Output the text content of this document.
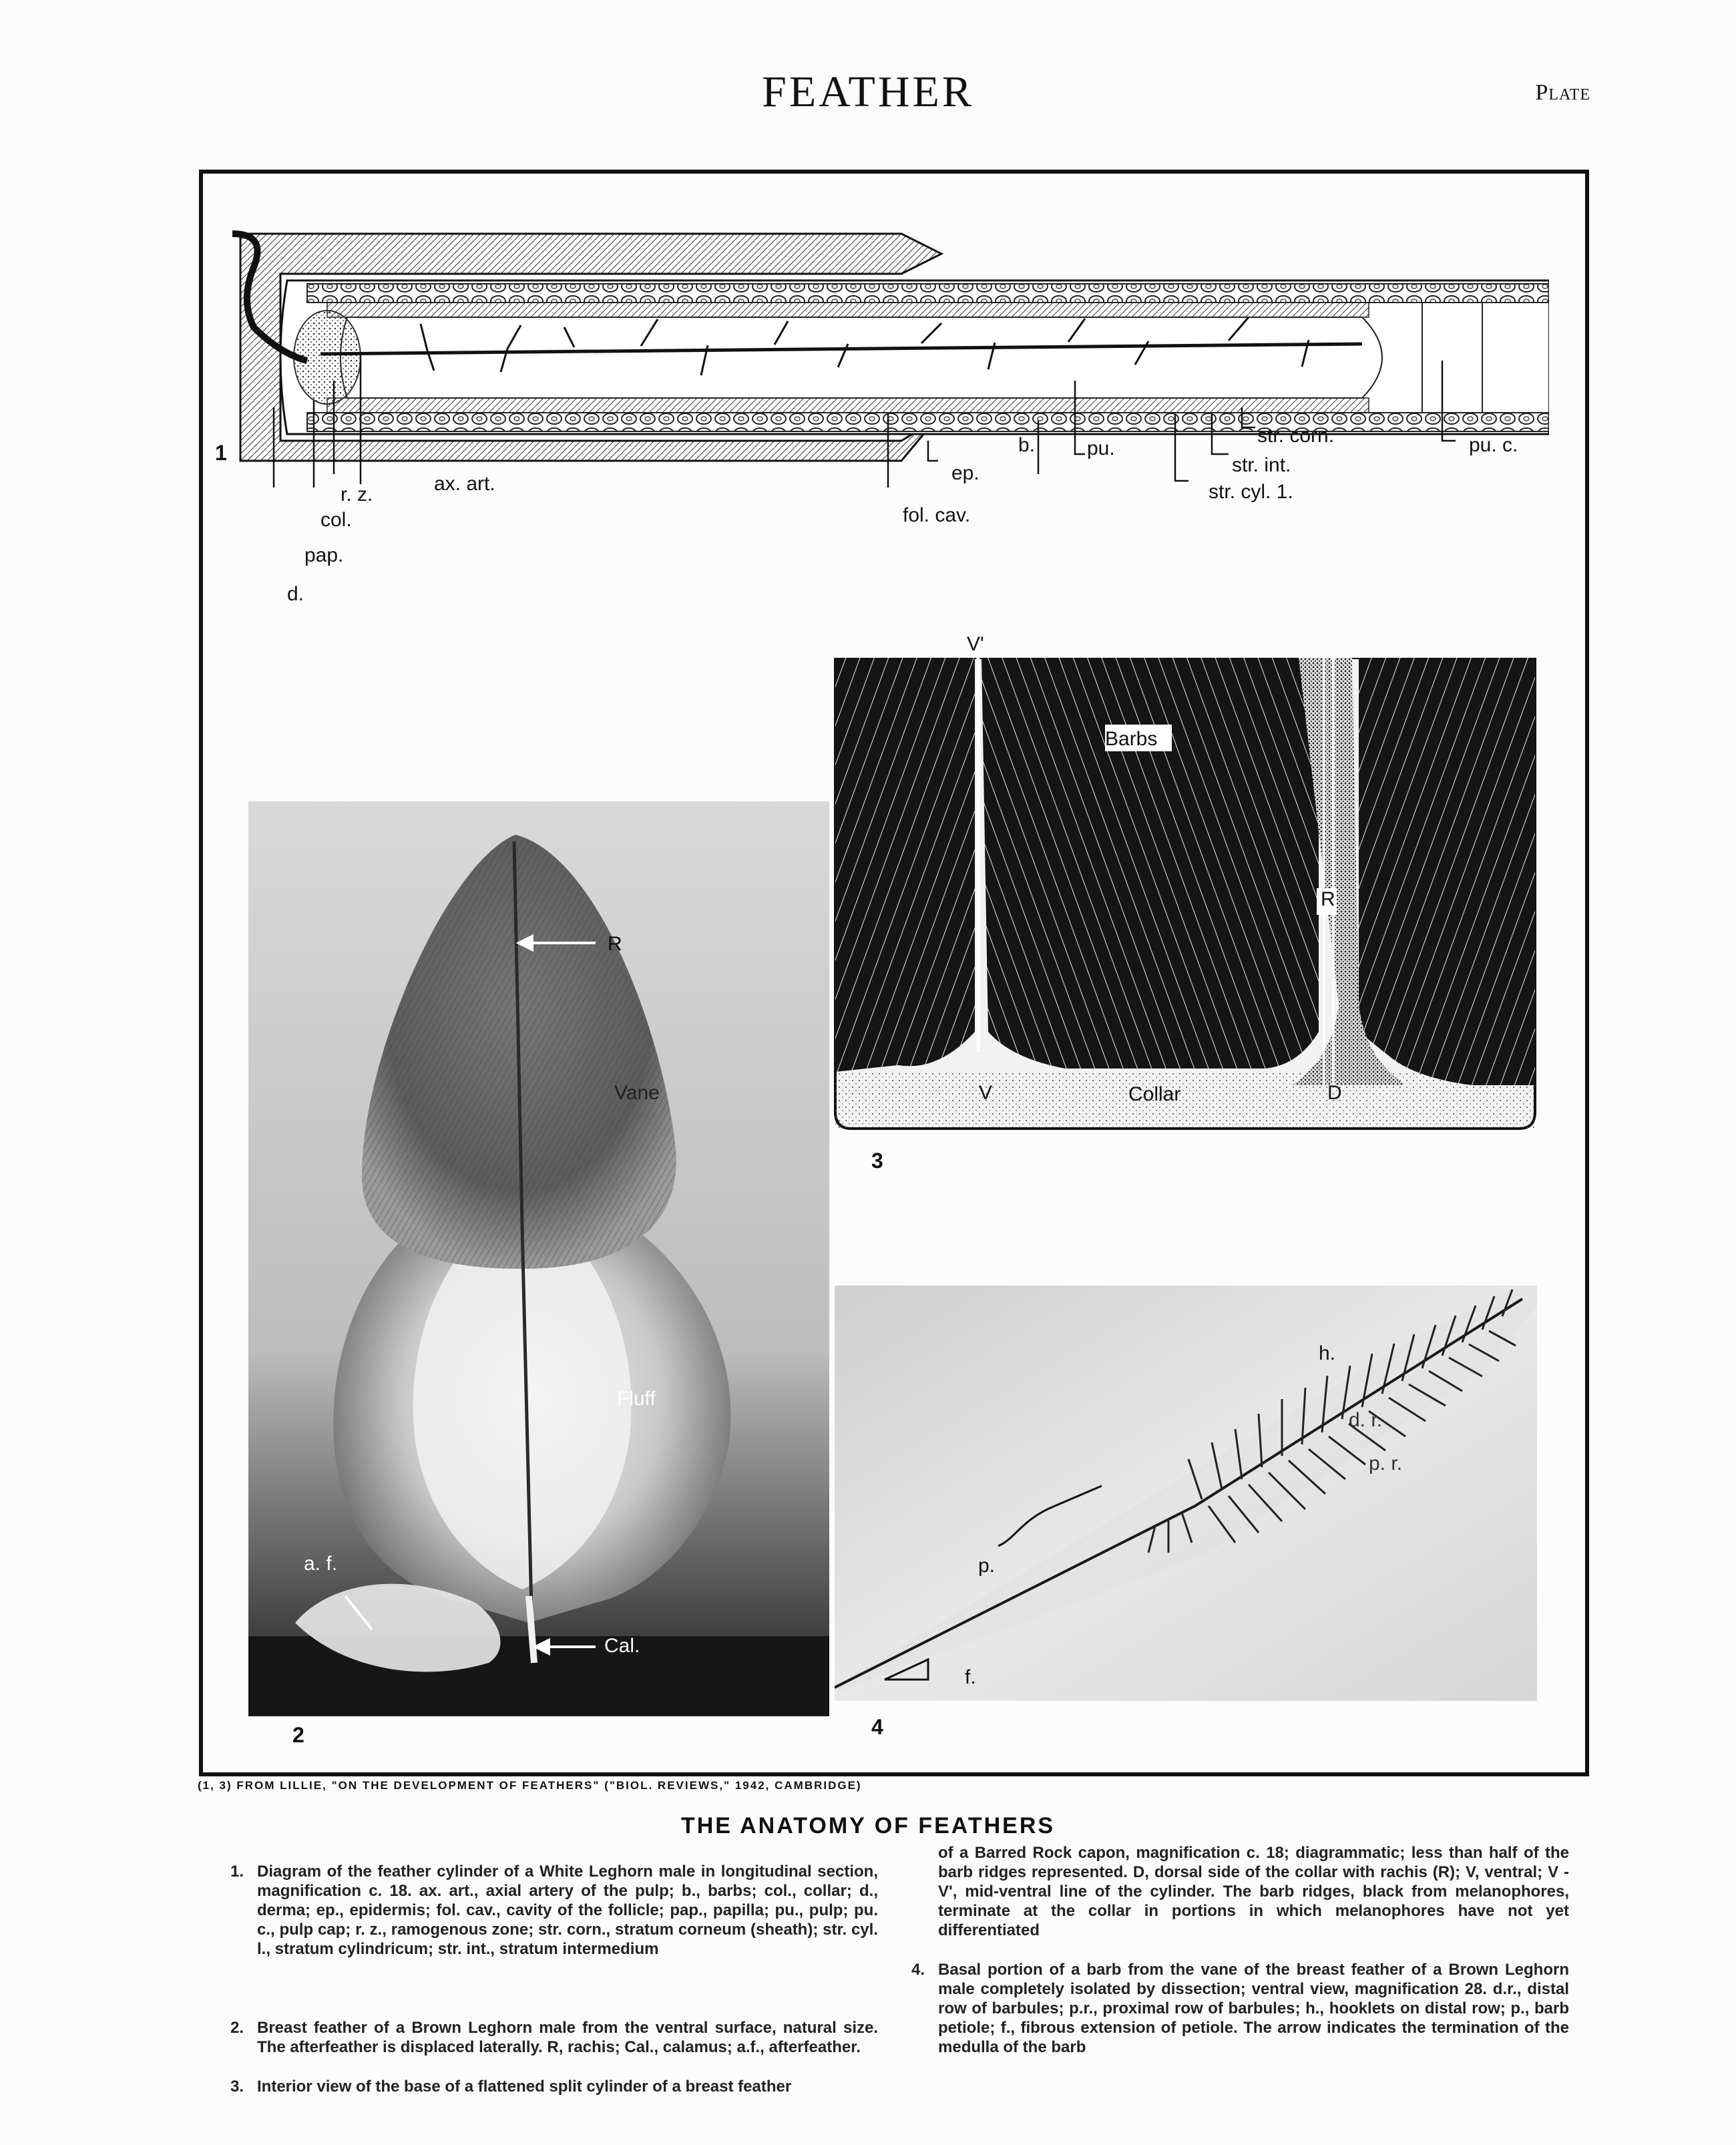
FEATHER	Plate
1	b.	pu.
str. corn.	pu. c.
str. int.
str. cyl. 1.
ep.
fol. cav.
r. z.	ax. art.
col.
pap.
d.
R
Vane
Fluff
a. f.
Cal.
2
V'
Barbs
R
V	Collar	D
3
h.
d. r.
p. r.
p.
f.
4
(1, 3) FROM LILLIE, "ON THE DEVELOPMENT OF FEATHERS" ("BIOL. REVIEWS," 1942, CAMBRIDGE)
THE ANATOMY OF FEATHERS
1. Diagram of the feather cylinder of a White Leghorn male in longitudinal section, magnification c. 18. ax. art., axial artery of the pulp; b., barbs; col., collar; d., derma; ep., epidermis; fol. cav., cavity of the follicle; pap., papilla; pu., pulp; pu. c., pulp cap; r. z., ramogenous zone; str. corn., stratum corneum (sheath); str. cyl. l., stratum cylindricum; str. int., stratum intermedium
2. Breast feather of a Brown Leghorn male from the ventral surface, natural size. The afterfeather is displaced laterally. R, rachis; Cal., calamus; a.f., afterfeather.
3. Interior view of the base of a flattened split cylinder of a breast feather
of a Barred Rock capon, magnification c. 18; diagrammatic; less than half of the barb ridges represented. D, dorsal side of the collar with rachis (R); V, ventral; V - V', mid-ventral line of the cylinder. The barb ridges, black from melanophores, terminate at the collar in portions in which melanophores have not yet differentiated
4. Basal portion of a barb from the vane of the breast feather of a Brown Leghorn male completely isolated by dissection; ventral view, magnification 28. d.r., distal row of barbules; p.r., proximal row of barbules; h., hooklets on distal row; p., barb petiole; f., fibrous extension of petiole. The arrow indicates the termination of the medulla of the barb
